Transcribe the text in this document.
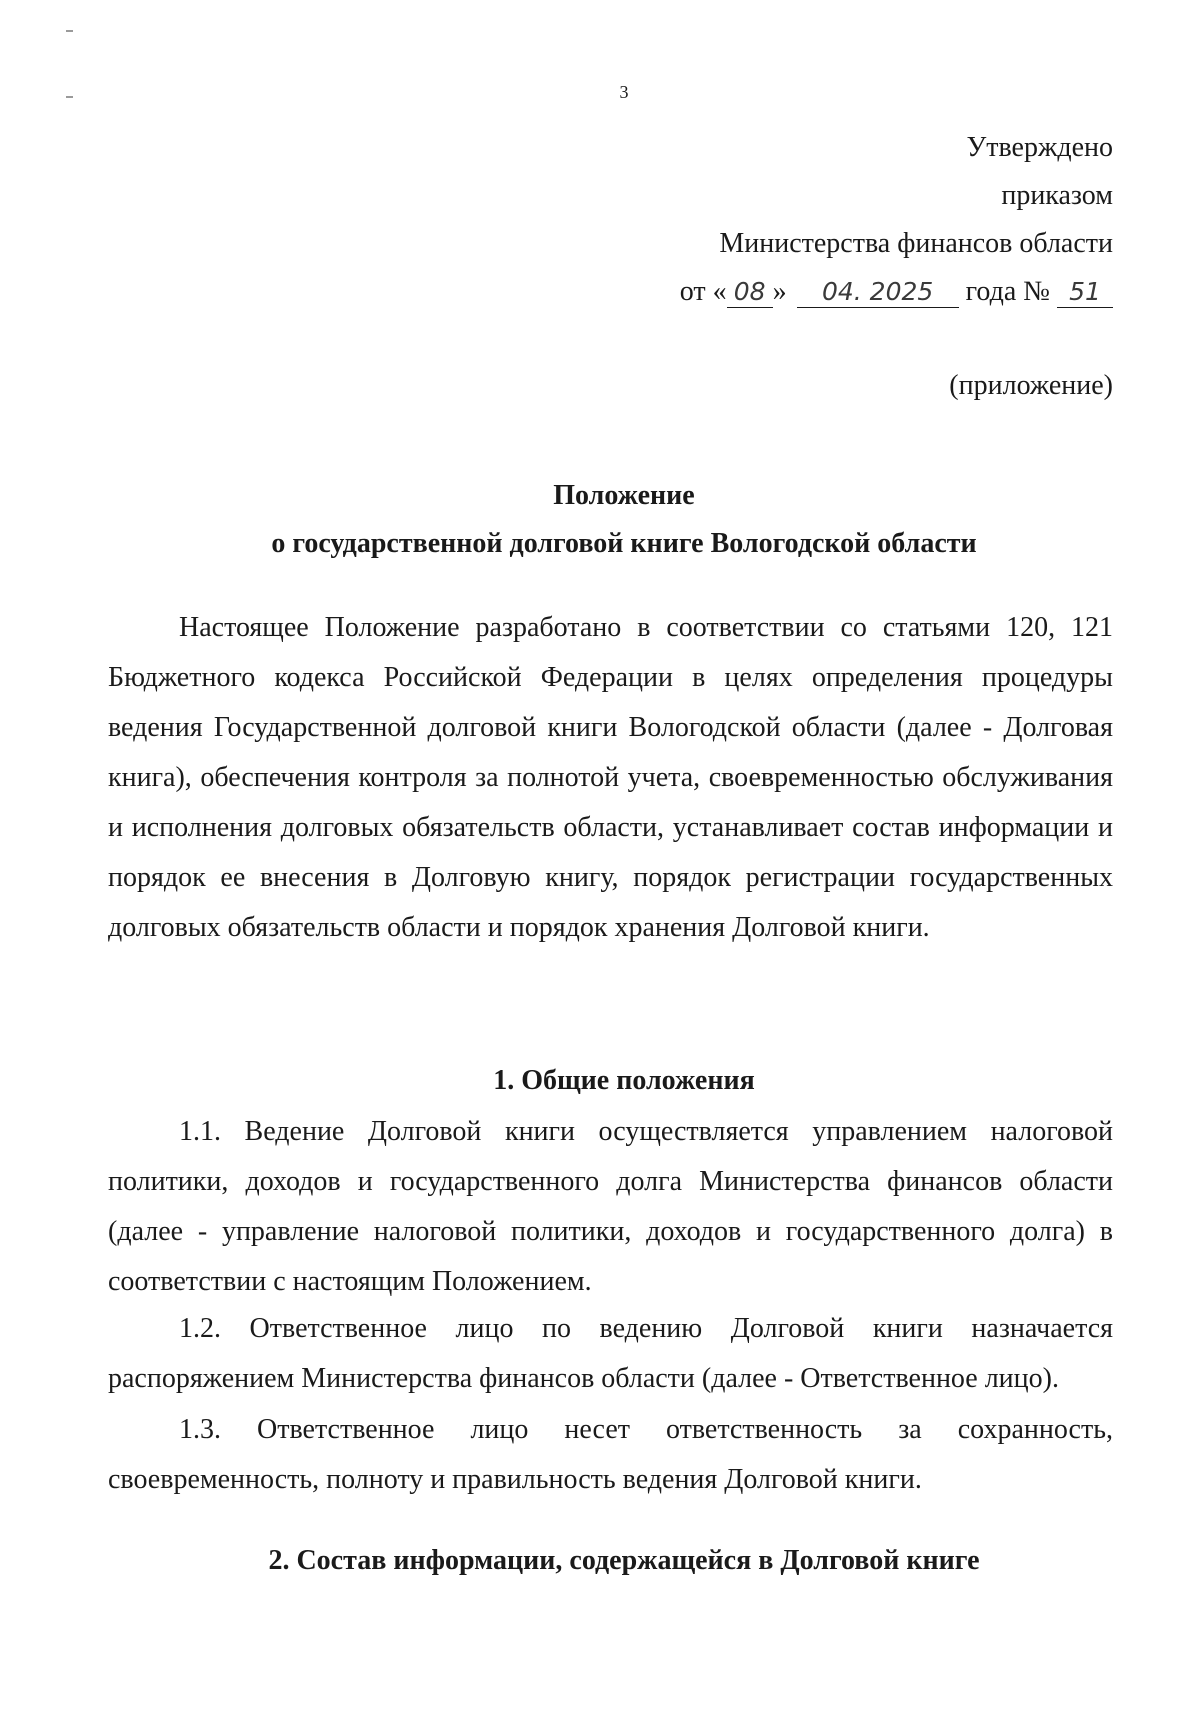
3
Утверждено
приказом
Министерства финансов области
от « 08 » 04. 2025 года № 51
(приложение)
Положение
о государственной долговой книге Вологодской области

Настоящее Положение разработано в соответствии со статьями 120, 121 Бюджетного кодекса Российской Федерации в целях определения процедуры ведения Государственной долговой книги Вологодской области (далее - Долговая книга), обеспечения контроля за полнотой учета, своевременностью обслуживания и исполнения долговых обязательств области, устанавливает состав информации и порядок ее внесения в Долговую книгу, порядок регистрации государственных долговых обязательств области и порядок хранения Долговой книги.

1. Общие положения

1.1. Ведение Долговой книги осуществляется управлением налоговой политики, доходов и государственного долга Министерства финансов области (далее - управление налоговой политики, доходов и государственного долга) в соответствии с настоящим Положением.

1.2. Ответственное лицо по ведению Долговой книги назначается распоряжением Министерства финансов области (далее - Ответственное лицо).

1.3. Ответственное лицо несет ответственность за сохранность, своевременность, полноту и правильность ведения Долговой книги.

2. Состав информации, содержащейся в Долговой книге
